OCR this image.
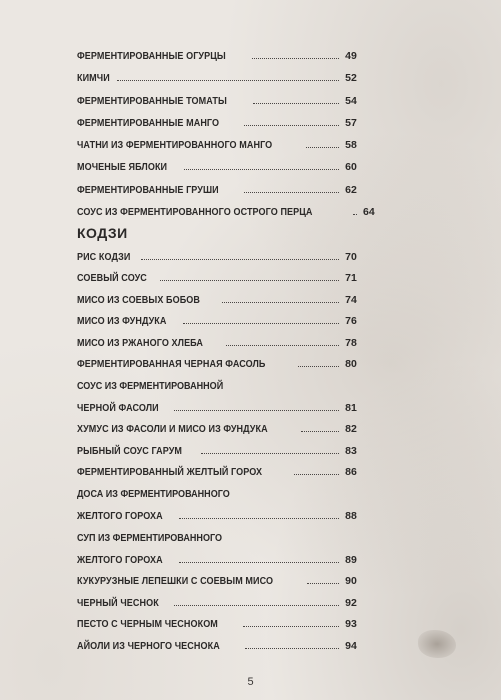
ФЕРМЕНТИРОВАННЫЕ ОГУРЦЫ	49
КИМЧИ	52
ФЕРМЕНТИРОВАННЫЕ ТОМАТЫ	54
ФЕРМЕНТИРОВАННЫЕ МАНГО	57
ЧАТНИ ИЗ ФЕРМЕНТИРОВАННОГО МАНГО	58
МОЧЕНЫЕ ЯБЛОКИ	60
ФЕРМЕНТИРОВАННЫЕ ГРУШИ	62
СОУС ИЗ ФЕРМЕНТИРОВАННОГО ОСТРОГО ПЕРЦА	64
КОДЗИ
РИС КОДЗИ	70
СОЕВЫЙ СОУС	71
МИСО ИЗ СОЕВЫХ БОБОВ	74
МИСО ИЗ ФУНДУКА	76
МИСО ИЗ РЖАНОГО ХЛЕБА	78
ФЕРМЕНТИРОВАННАЯ ЧЕРНАЯ ФАСОЛЬ	80
СОУС ИЗ ФЕРМЕНТИРОВАННОЙ
ЧЕРНОЙ ФАСОЛИ	81
ХУМУС ИЗ ФАСОЛИ И МИСО ИЗ ФУНДУКА	82
РЫБНЫЙ СОУС ГАРУМ	83
ФЕРМЕНТИРОВАННЫЙ ЖЕЛТЫЙ ГОРОХ	86
ДОСА ИЗ ФЕРМЕНТИРОВАННОГО
ЖЕЛТОГО ГОРОХА	88
СУП ИЗ ФЕРМЕНТИРОВАННОГО
ЖЕЛТОГО ГОРОХА	89
КУКУРУЗНЫЕ ЛЕПЕШКИ С СОЕВЫМ МИСО	90
ЧЕРНЫЙ ЧЕСНОК	92
ПЕСТО С ЧЕРНЫМ ЧЕСНОКОМ	93
АЙОЛИ ИЗ ЧЕРНОГО ЧЕСНОКА	94
5
